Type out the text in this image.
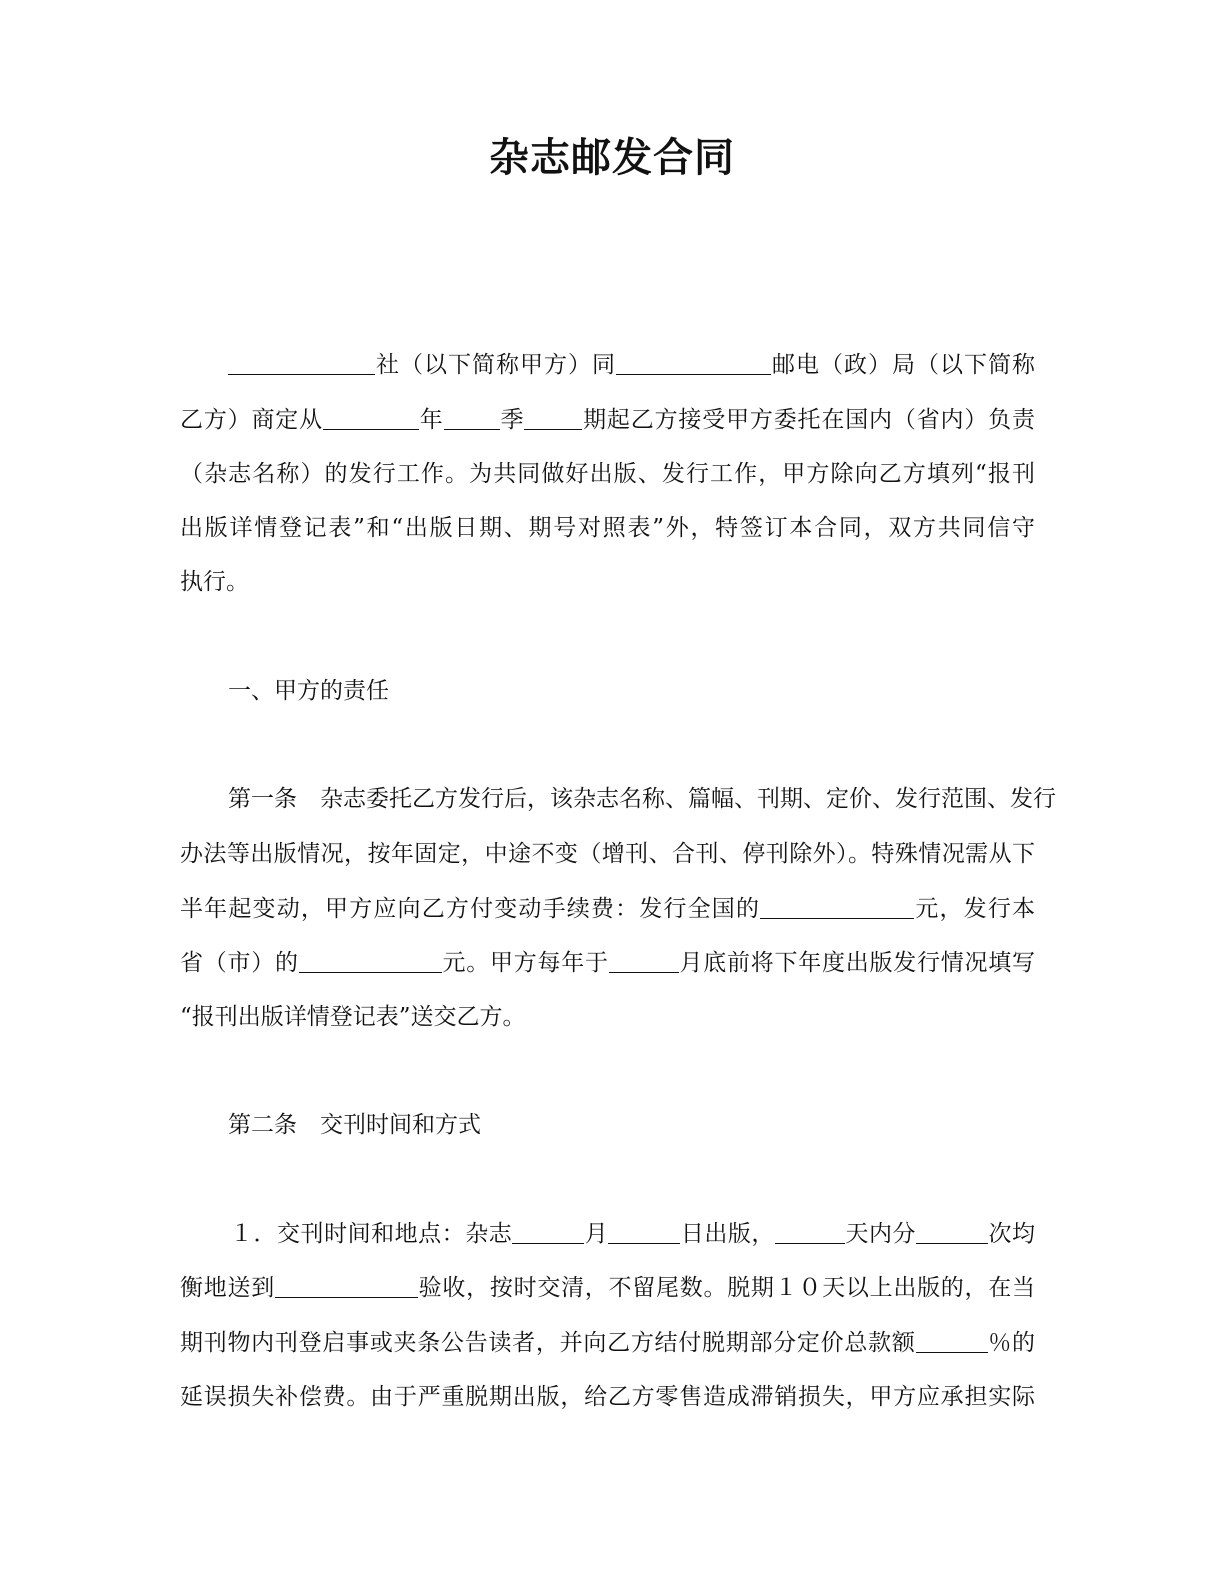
杂志邮发合同
社（以下简称甲方）同	邮电（政）局（以下简称
乙方）商定从	年 季	期起乙方接受甲方委托在国内（省内）负责
（杂志名称）的发行工作。为共同做好出版、发行工作，甲方除向乙方填列“报刊
出版详情登记表”和“出版日期、期号对照表”外，特签订本合同，双方共同信守
执行。
一、甲方的责任
第一条　杂志委托乙方发行后，该杂志名称、篇幅、刊期、定价、发行范围、发行
办法等出版情况，按年固定，中途不变（增刊、合刊、停刊除外）。特殊情况需从下
半年起变动，甲方应向乙方付变动手续费：发行全国的	元，发行本
省（市）的	元。甲方每年于	月底前将下年度出版发行情况填写
“报刊出版详情登记表”送交乙方。
第二条　交刊时间和方式
１．交刊时间和地点：杂志	月	日出版，	天内分	次均
衡地送到	验收，按时交清，不留尾数。脱期１０天以上出版的，在当
期刊物内刊登启事或夹条公告读者，并向乙方结付脱期部分定价总款额	％的
延误损失补偿费。由于严重脱期出版，给乙方零售造成滞销损失，甲方应承担实际
